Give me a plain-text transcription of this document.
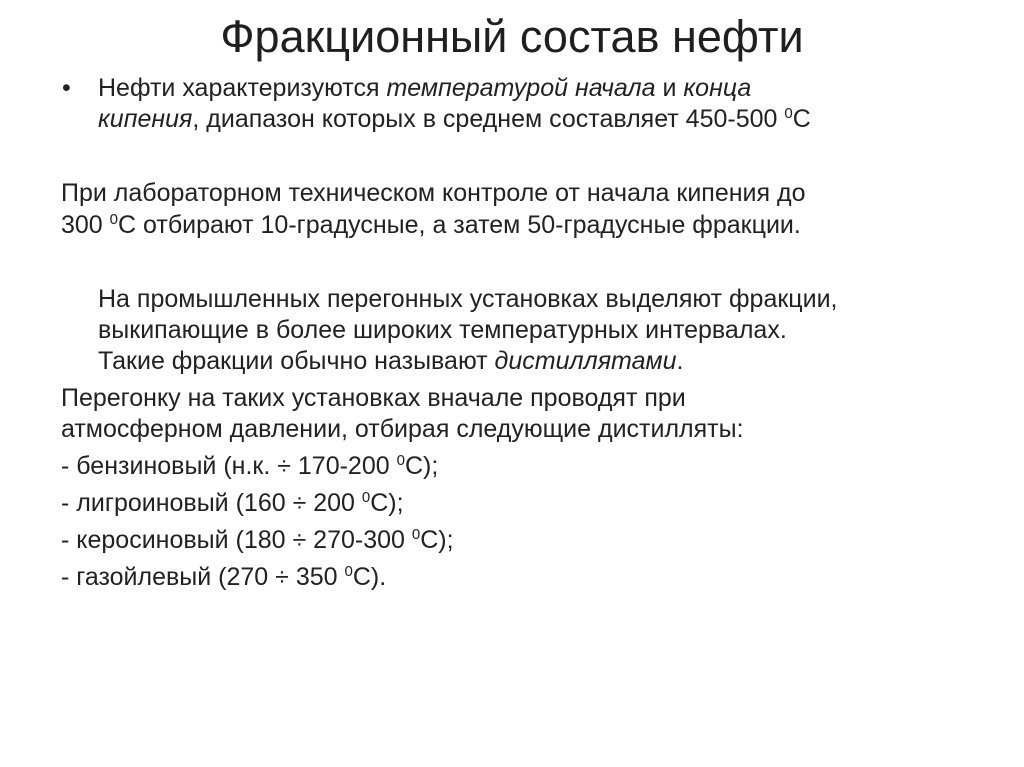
Фракционный состав нефти
• Нефти характеризуются температурой начала и конца
кипения, диапазон которых в среднем составляет 450-500 $^0$С
При лабораторном техническом контроле от начала кипения до
300 $^0$С отбирают 10-градусные, а затем 50-градусные фракции.
На промышленных перегонных установках выделяют фракции,
выкипающие в более широких температурных интервалах.
Такие фракции обычно называют дистиллятами.
Перегонку на таких установках вначале проводят при
атмосферном давлении, отбирая следующие дистилляты:
- бензиновый (н.к. ÷ 170-200 $^0$С);
- лигроиновый (160 ÷ 200 $^0$С);
- керосиновый (180 ÷ 270-300 $^0$С);
- газойлевый (270 ÷ 350 $^0$С).
